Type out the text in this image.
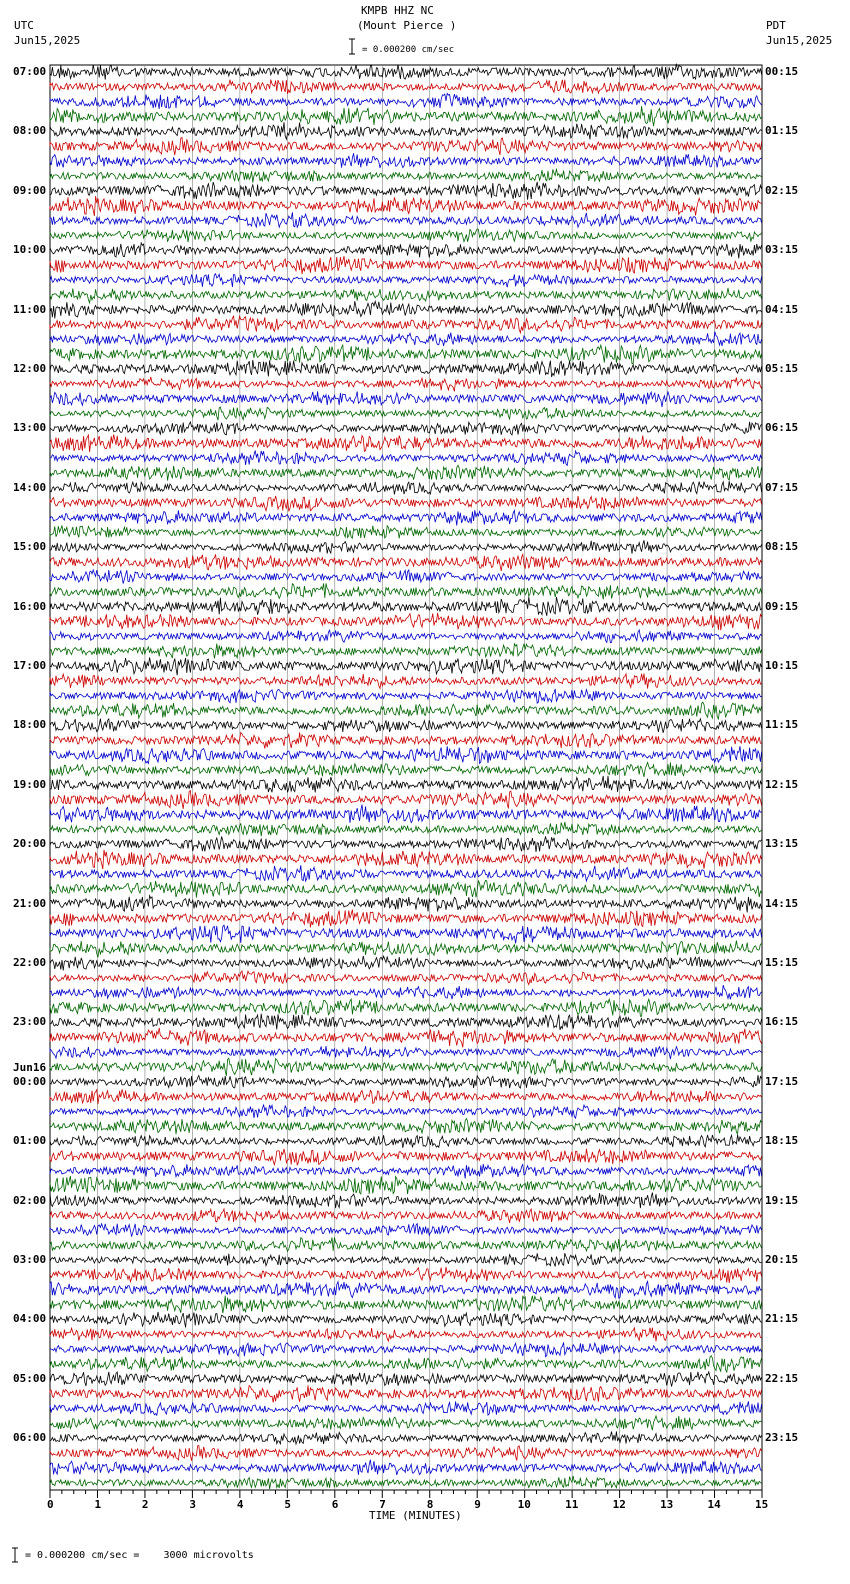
KMPB HHZ NC
(Mount Pierce )
= 0.000200 cm/sec
UTC
Jun15,2025
PDT
Jun15,2025
07:00
08:00
09:00
10:00
11:00
12:00
13:00
14:00
15:00
16:00
17:00
18:00
19:00
20:00
21:00
22:00
23:00
00:00
01:00
02:00
03:00
04:00
05:00
06:00
Jun16
00:15
01:15
02:15
03:15
04:15
05:15
06:15
07:15
08:15
09:15
10:15
11:15
12:15
13:15
14:15
15:15
16:15
17:15
18:15
19:15
20:15
21:15
22:15
23:15
0	1	2	3	4	5	6	7	8	9	10	11	12	13	14	15
TIME (MINUTES)
= 0.000200 cm/sec =    3000 microvolts
